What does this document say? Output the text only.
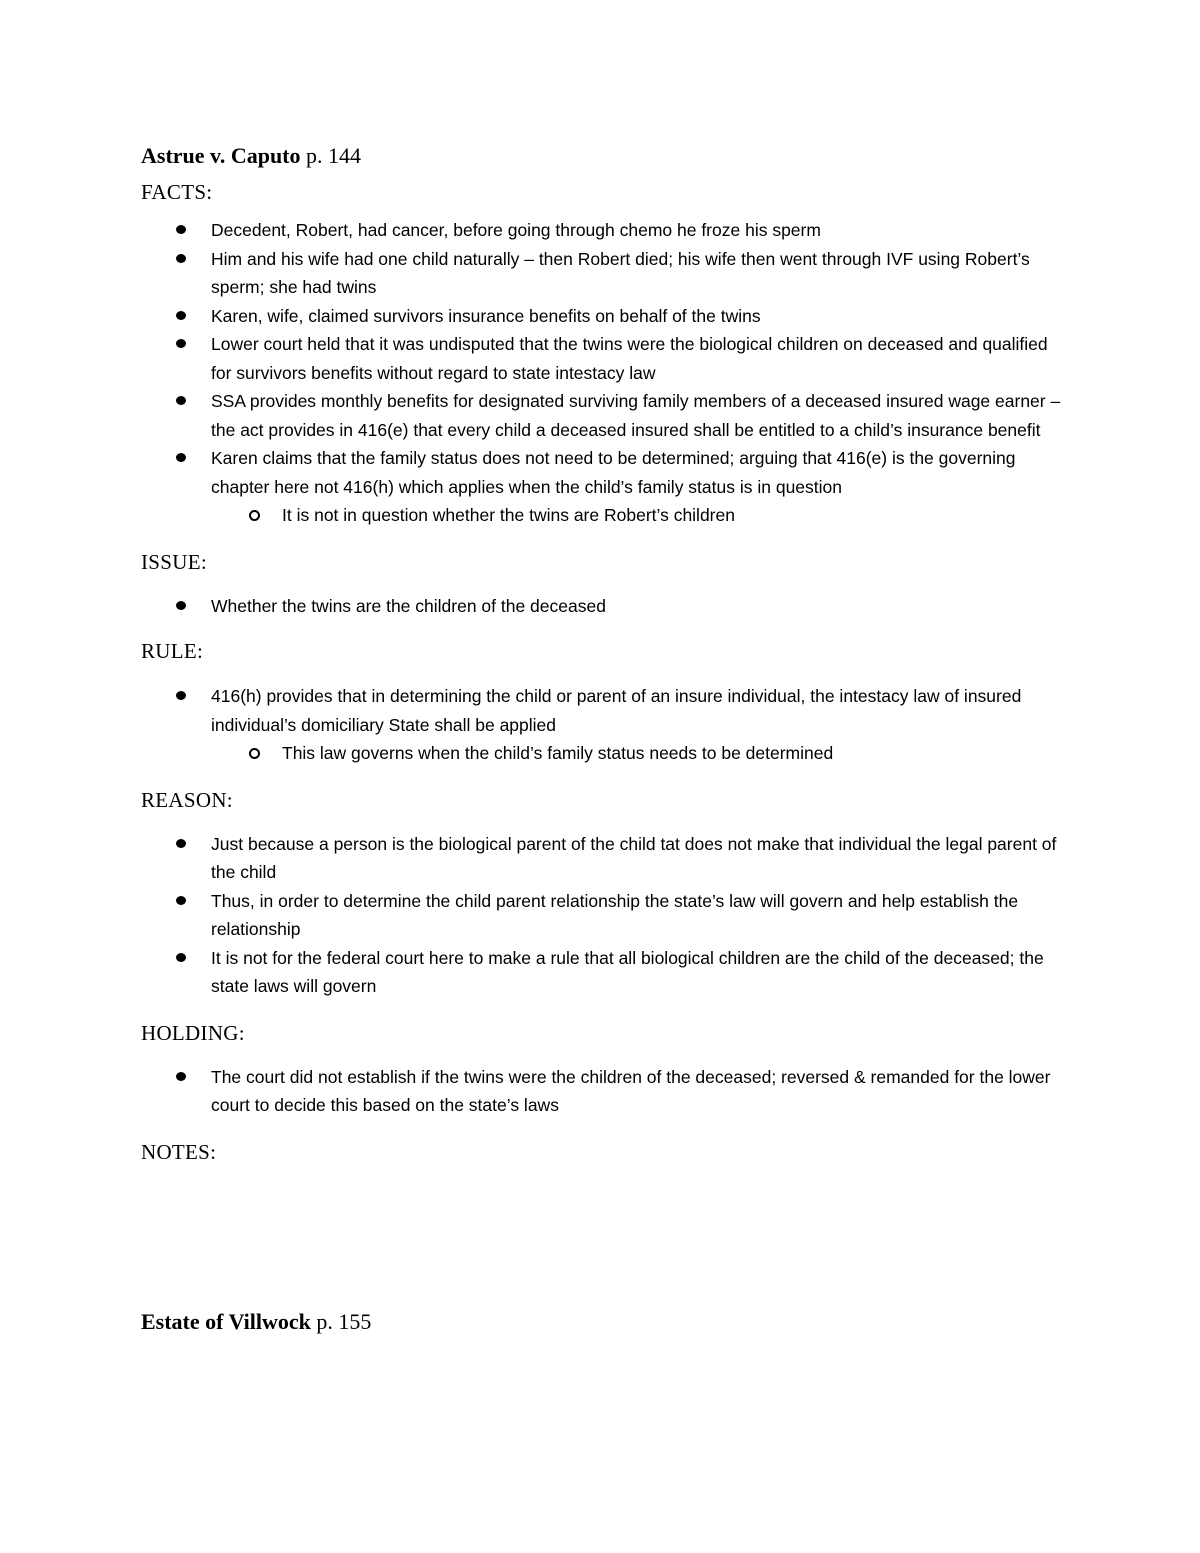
Astrue v. Caputo p. 144

FACTS:
Decedent, Robert, had cancer, before going through chemo he froze his sperm
Him and his wife had one child naturally – then Robert died; his wife then went through IVF using Robert’s sperm; she had twins
Karen, wife, claimed survivors insurance benefits on behalf of the twins
Lower court held that it was undisputed that the twins were the biological children on deceased and qualified for survivors benefits without regard to state intestacy law
SSA provides monthly benefits for designated surviving family members of a deceased insured wage earner – the act provides in 416(e) that every child a deceased insured shall be entitled to a child’s insurance benefit
Karen claims that the family status does not need to be determined; arguing that 416(e) is the governing chapter here not 416(h) which applies when the child’s family status is in question
It is not in question whether the twins are Robert’s children
ISSUE:
Whether the twins are the children of the deceased
RULE:
416(h) provides that in determining the child or parent of an insure individual, the intestacy law of insured individual’s domiciliary State shall be applied
This law governs when the child’s family status needs to be determined
REASON:
Just because a person is the biological parent of the child tat does not make that individual the legal parent of the child
Thus, in order to determine the child parent relationship the state’s law will govern and help establish the relationship
It is not for the federal court here to make a rule that all biological children are the child of the deceased; the state laws will govern
HOLDING:
The court did not establish if the twins were the children of the deceased; reversed & remanded for the lower court to decide this based on the state’s laws
NOTES:

Estate of Villwock p. 155
